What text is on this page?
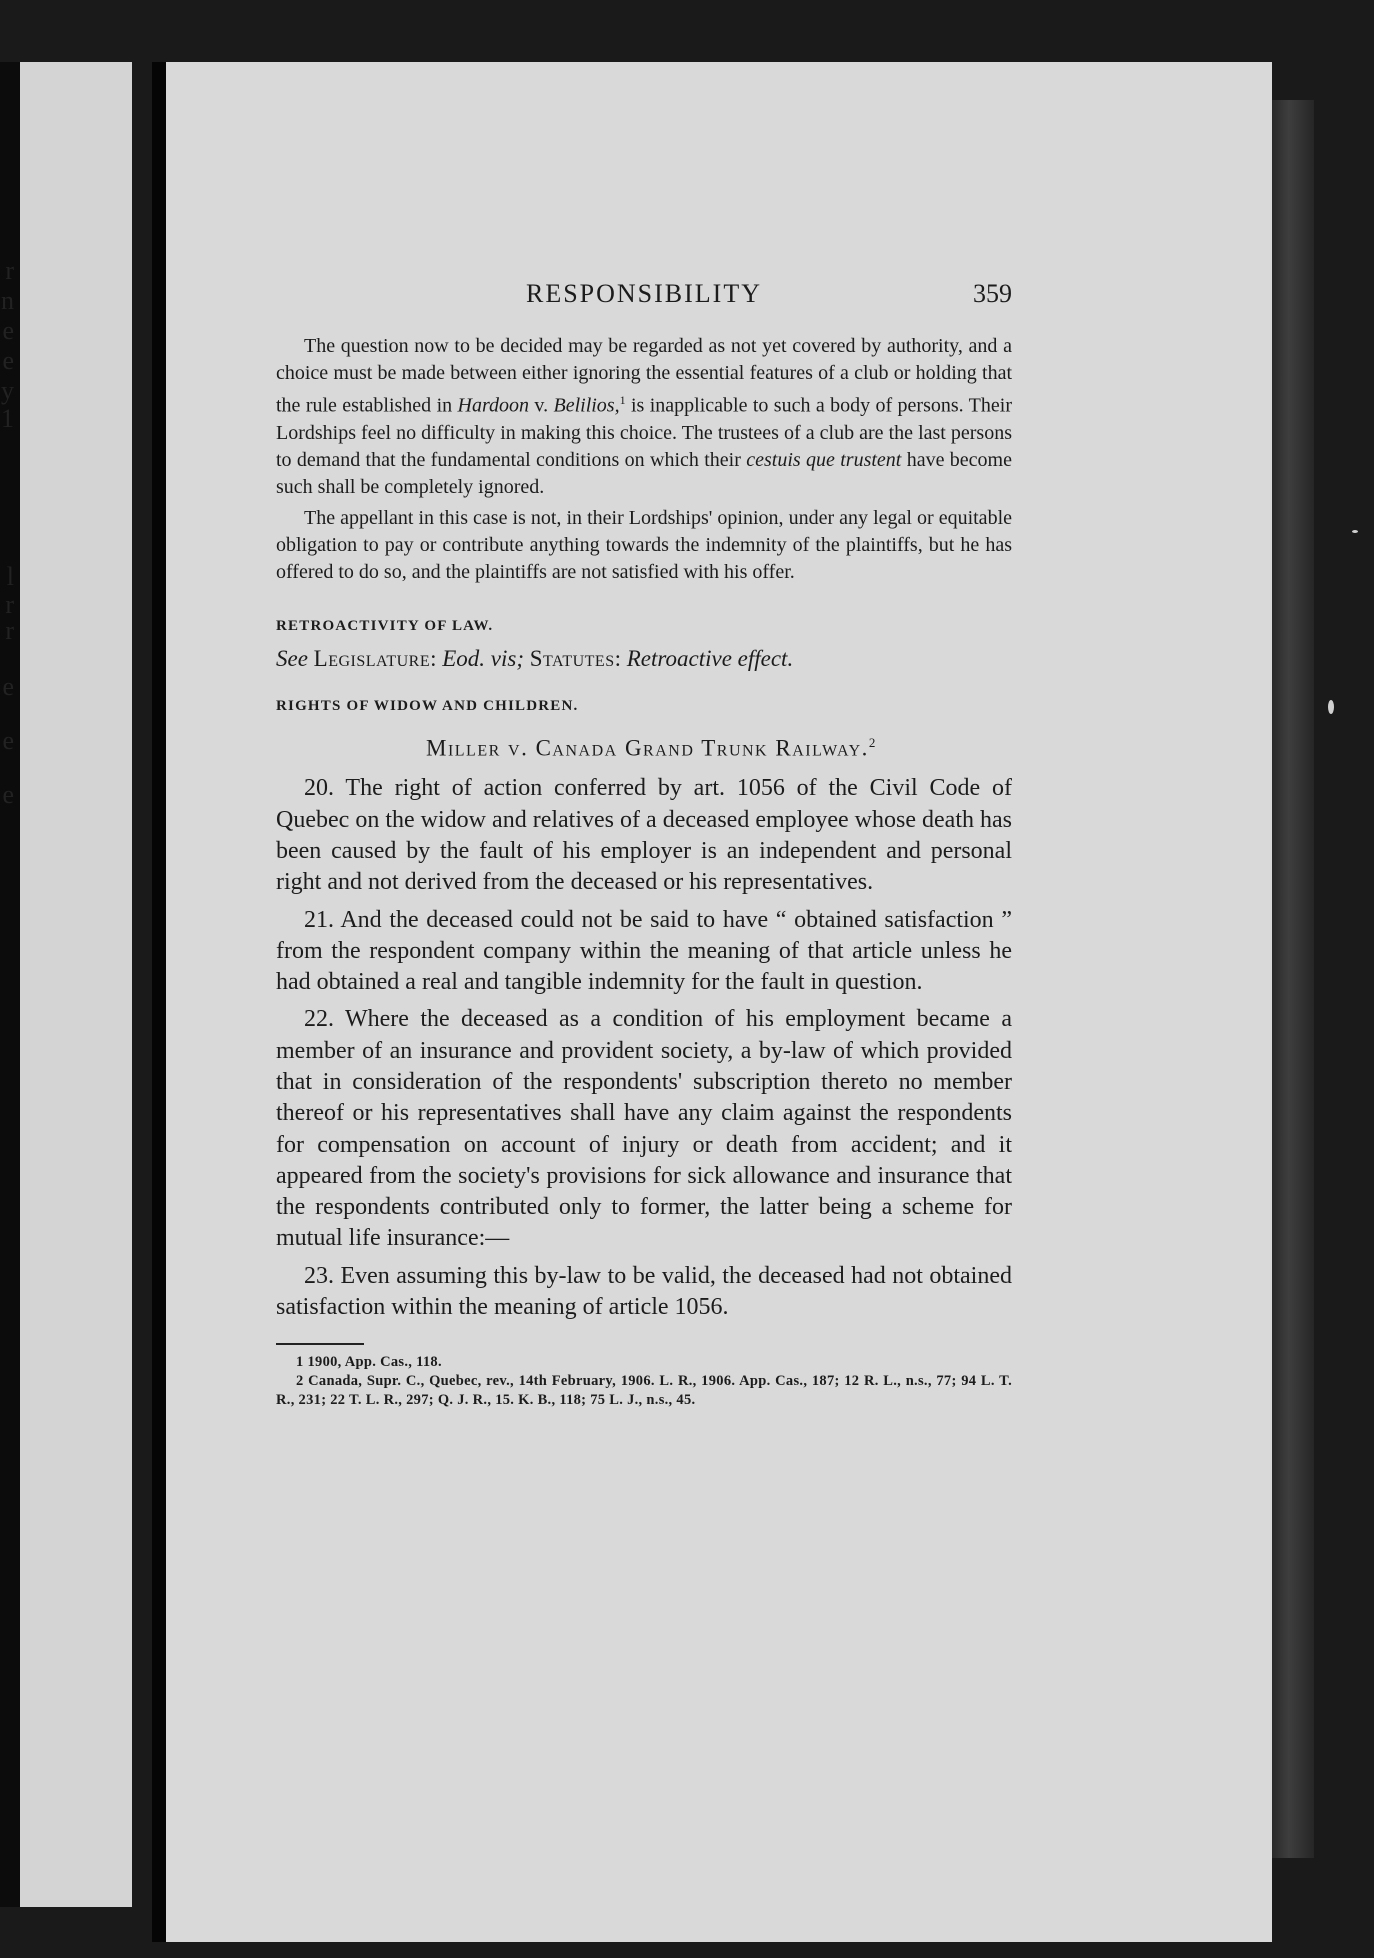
r
n
e
e
y
1
l
r
r
e
e
e
RESPONSIBILITY	359

The question now to be decided may be regarded as not yet covered by authority, and a choice must be made between either ignoring the essential features of a club or holding that the rule established in Hardoon v. Belilios,$^1$ is inapplicable to such a body of persons. Their Lordships feel no difficulty in making this choice. The trustees of a club are the last persons to demand that the fundamental conditions on which their cestuis que trustent have become such shall be completely ignored.

The appellant in this case is not, in their Lordships' opinion, under any legal or equitable obligation to pay or contribute anything towards the indemnity of the plaintiffs, but he has offered to do so, and the plaintiffs are not satisfied with his offer.

RETROACTIVITY OF LAW.

See Legislature: Eod. vis; Statutes: Retroactive effect.

RIGHTS OF WIDOW AND CHILDREN.

Miller v. Canada Grand Trunk Railway.$^2$

20. The right of action conferred by art. 1056 of the Civil Code of Quebec on the widow and relatives of a deceased employee whose death has been caused by the fault of his employer is an independent and personal right and not derived from the deceased or his representatives.

21. And the deceased could not be said to have “ obtained satisfaction ” from the respondent company within the meaning of that article unless he had obtained a real and tangible indemnity for the fault in question.

22. Where the deceased as a condition of his employment became a member of an insurance and provident society, a by-law of which provided that in consideration of the respondents' subscription thereto no member thereof or his representatives shall have any claim against the respondents for compensation on account of injury or death from accident; and it appeared from the society's provisions for sick allowance and insurance that the respondents contributed only to former, the latter being a scheme for mutual life insurance:—

23. Even assuming this by-law to be valid, the deceased had not obtained satisfaction within the meaning of article 1056.

1 1900, App. Cas., 118.

2 Canada, Supr. C., Quebec, rev., 14th February, 1906. L. R., 1906. App. Cas., 187; 12 R. L., n.s., 77; 94 L. T. R., 231; 22 T. L. R., 297; Q. J. R., 15. K. B., 118; 75 L. J., n.s., 45.
